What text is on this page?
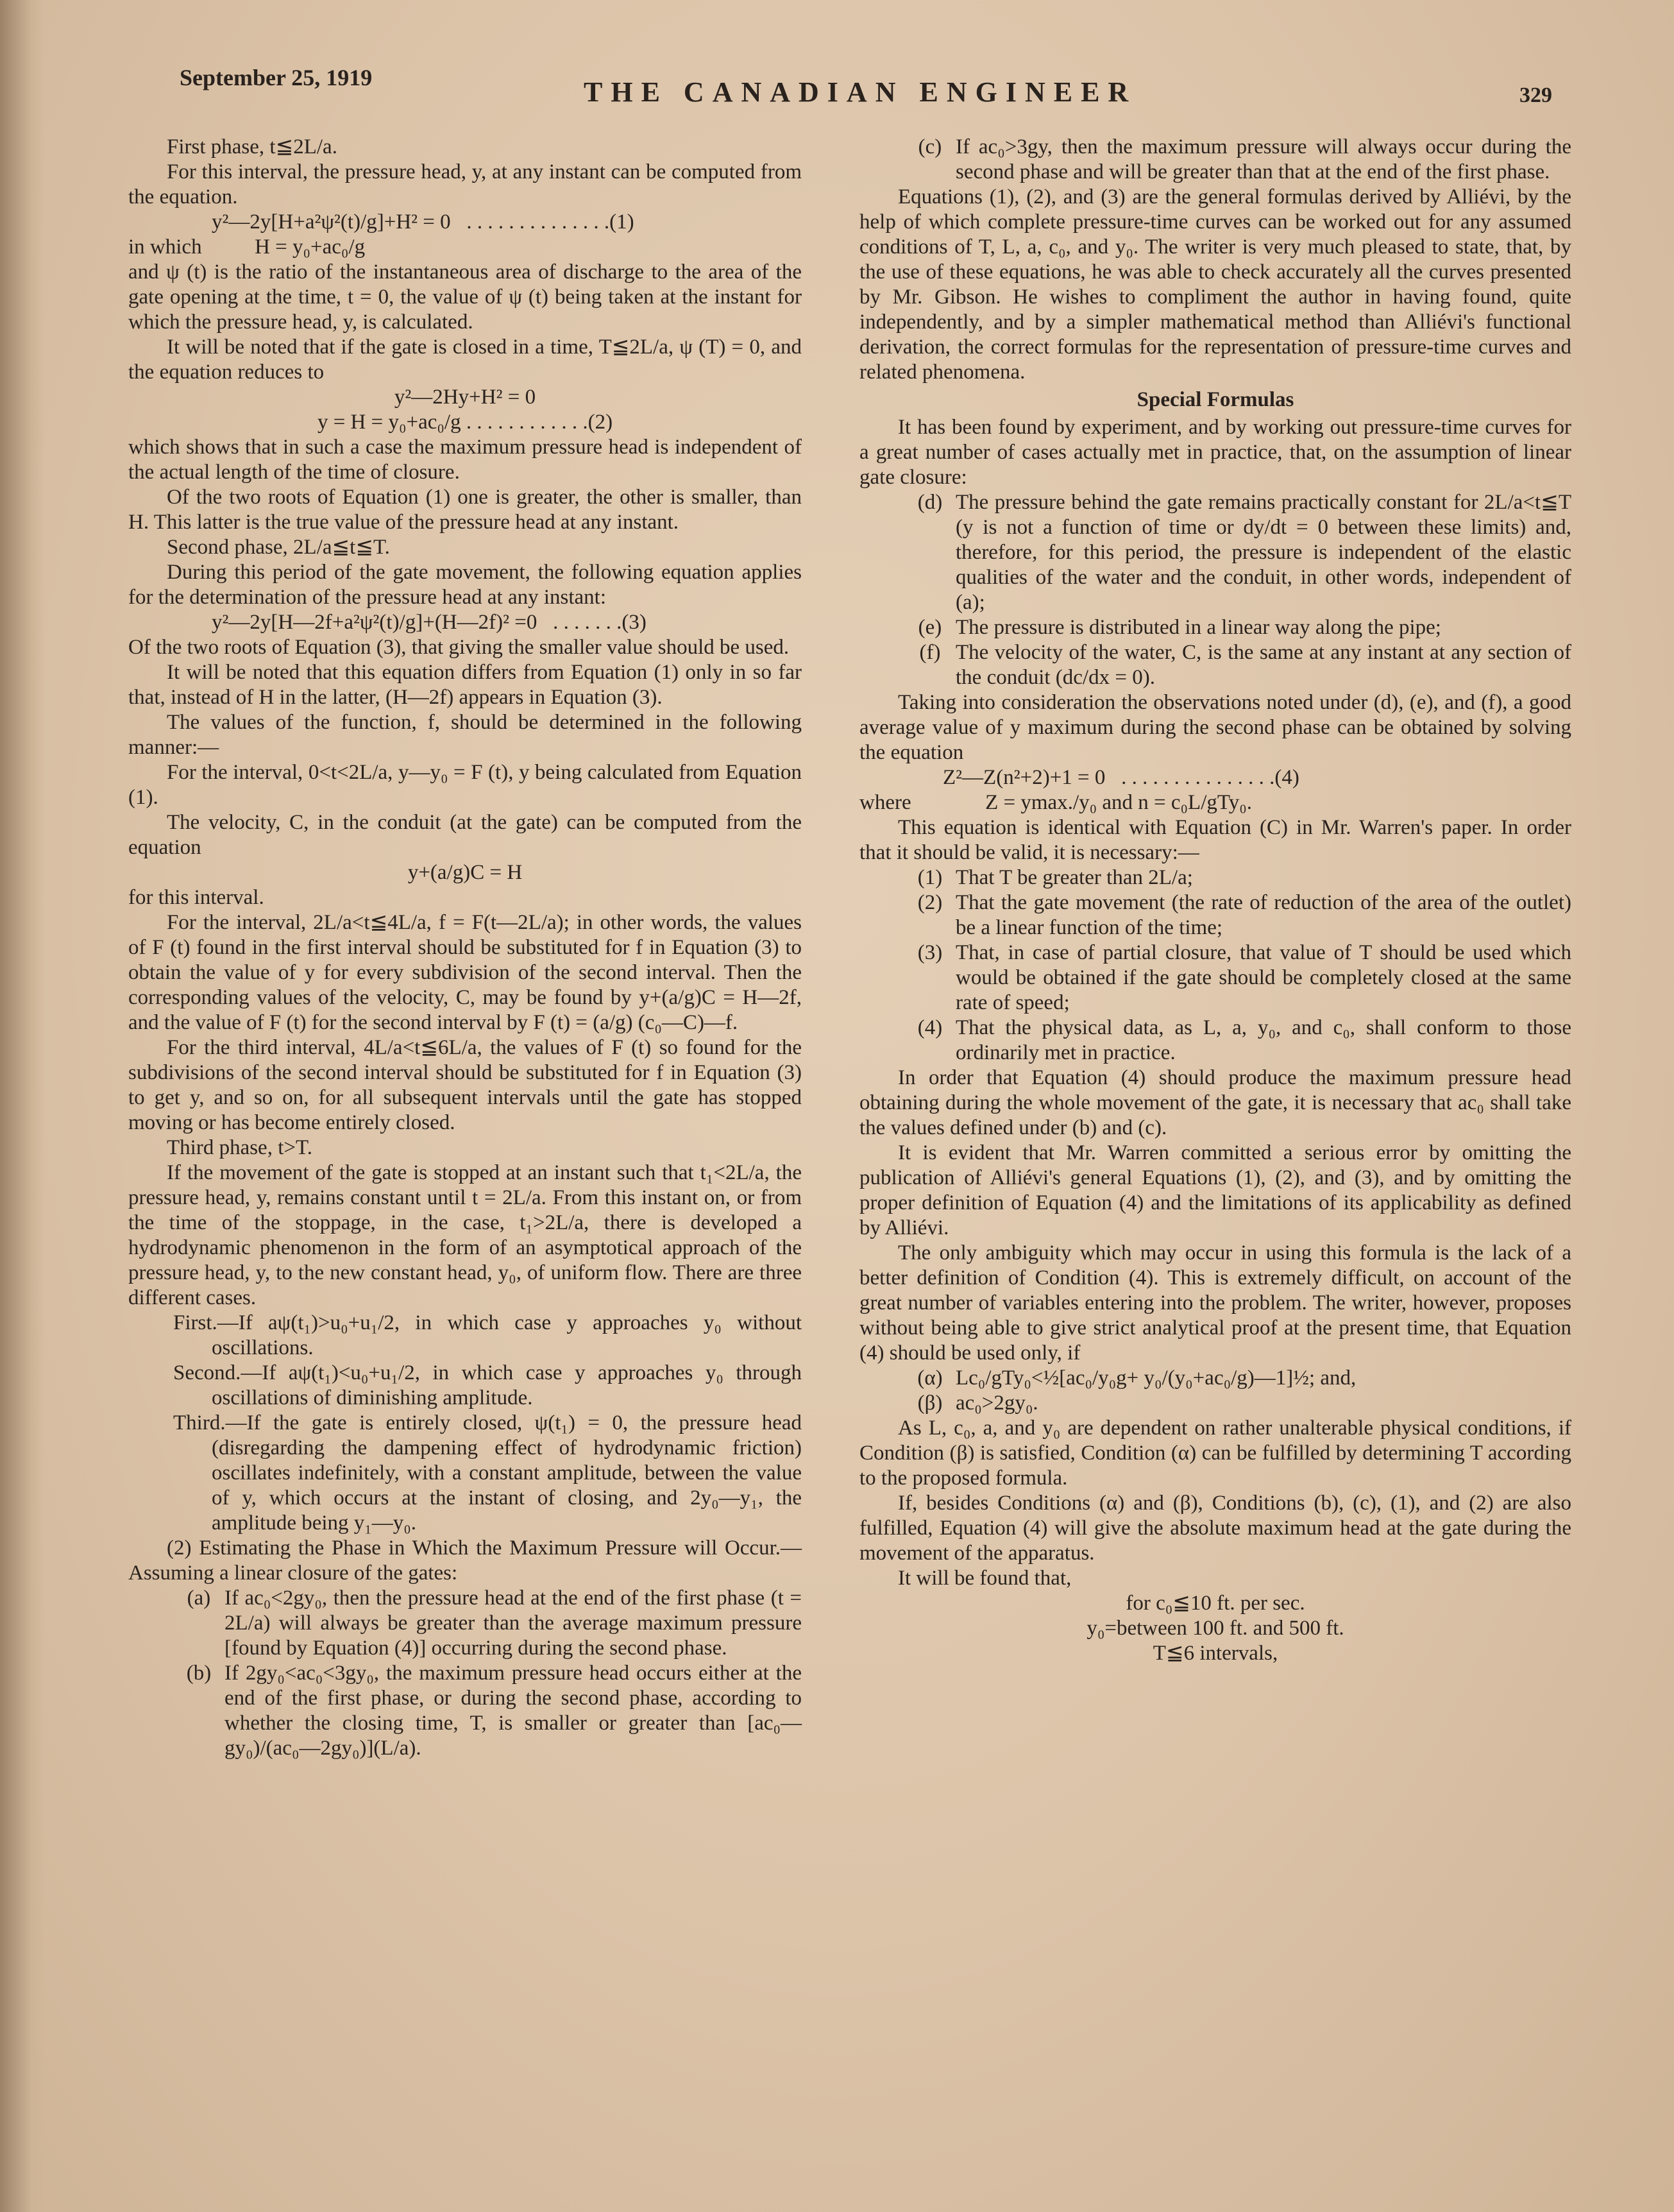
September 25, 1919	THE CANADIAN ENGINEER	329

First phase, t≦2L/a.

For this interval, the pressure head, y, at any instant can be computed from the equation.

y²—2y[H+a²ψ²(t)/g]+H² = 0   . . . . . . . . . . . . . .(1)

in which          H = y₀+ac₀/g

and ψ (t) is the ratio of the instantaneous area of discharge to the area of the gate opening at the time, t = 0, the value of ψ (t) being taken at the instant for which the pressure head, y, is calculated.

It will be noted that if the gate is closed in a time, T≦2L/a, ψ (T) = 0, and the equation reduces to

y²—2Hy+H² = 0

y = H = y₀+ac₀/g . . . . . . . . . . . .(2)

which shows that in such a case the maximum pressure head is independent of the actual length of the time of closure.

Of the two roots of Equation (1) one is greater, the other is smaller, than H. This latter is the true value of the pressure head at any instant.

Second phase, 2L/a≦t≦T.

During this period of the gate movement, the following equation applies for the determination of the pressure head at any instant:

y²—2y[H—2f+a²ψ²(t)/g]+(H—2f)² =0   . . . . . . .(3)

Of the two roots of Equation (3), that giving the smaller value should be used.

It will be noted that this equation differs from Equation (1) only in so far that, instead of H in the latter, (H—2f) appears in Equation (3).

The values of the function, f, should be determined in the following manner:—

For the interval, 0<t<2L/a, y—y₀ = F (t), y being calculated from Equation (1).

The velocity, C, in the conduit (at the gate) can be computed from the equation

y+(a/g)C = H

for this interval.

For the interval, 2L/a<t≦4L/a, f = F(t—2L/a); in other words, the values of F (t) found in the first interval should be substituted for f in Equation (3) to obtain the value of y for every subdivision of the second interval. Then the corresponding values of the velocity, C, may be found by y+(a/g)C = H—2f, and the value of F (t) for the second interval by F (t) = (a/g) (c₀—C)—f.

For the third interval, 4L/a<t≦6L/a, the values of F (t) so found for the subdivisions of the second interval should be substituted for f in Equation (3) to get y, and so on, for all subsequent intervals until the gate has stopped moving or has become entirely closed.

Third phase, t>T.

If the movement of the gate is stopped at an instant such that t₁<2L/a, the pressure head, y, remains constant until t = 2L/a. From this instant on, or from the time of the stoppage, in the case, t₁>2L/a, there is developed a hydrodynamic phenomenon in the form of an asymptotical approach of the pressure head, y, to the new constant head, y₀, of uniform flow. There are three different cases.

First.—If aψ(t₁)>u₀+u₁/2, in which case y approaches y₀ without oscillations.

Second.—If aψ(t₁)<u₀+u₁/2, in which case y approaches y₀ through oscillations of diminishing amplitude.

Third.—If the gate is entirely closed, ψ(t₁) = 0, the pressure head (disregarding the dampening effect of hydrodynamic friction) oscillates indefinitely, with a constant amplitude, between the value of y, which occurs at the instant of closing, and 2y₀—y₁, the amplitude being y₁—y₀.

(2) Estimating the Phase in Which the Maximum Pressure will Occur.—Assuming a linear closure of the gates:

(a) If ac₀<2gy₀, then the pressure head at the end of the first phase (t = 2L/a) will always be greater than the average maximum pressure [found by Equation (4)] occurring during the second phase.
(b) If 2gy₀<ac₀<3gy₀, the maximum pressure head occurs either at the end of the first phase, or during the second phase, according to whether the closing time, T, is smaller or greater than [ac₀—gy₀)/(ac₀—2gy₀)](L/a).
(c) If ac₀>3gy, then the maximum pressure will always occur during the second phase and will be greater than that at the end of the first phase.

Equations (1), (2), and (3) are the general formulas derived by Alliévi, by the help of which complete pressure-time curves can be worked out for any assumed conditions of T, L, a, c₀, and y₀. The writer is very much pleased to state, that, by the use of these equations, he was able to check accurately all the curves presented by Mr. Gibson. He wishes to compliment the author in having found, quite independently, and by a simpler mathematical method than Alliévi's functional derivation, the correct formulas for the representation of pressure-time curves and related phenomena.

Special Formulas

It has been found by experiment, and by working out pressure-time curves for a great number of cases actually met in practice, that, on the assumption of linear gate closure:

(d) The pressure behind the gate remains practically constant for 2L/a<t≦T (y is not a function of time or dy/dt = 0 between these limits) and, therefore, for this period, the pressure is independent of the elastic qualities of the water and the conduit, in other words, independent of (a);
(e) The pressure is distributed in a linear way along the pipe;
(f) The velocity of the water, C, is the same at any instant at any section of the conduit (dc/dx = 0).

Taking into consideration the observations noted under (d), (e), and (f), a good average value of y maximum during the second phase can be obtained by solving the equation

Z²—Z(n²+2)+1 = 0   . . . . . . . . . . . . . . .(4)

where              Z = ymax./y₀ and n = c₀L/gTy₀.

This equation is identical with Equation (C) in Mr. Warren's paper. In order that it should be valid, it is necessary:—

(1) That T be greater than 2L/a;
(2) That the gate movement (the rate of reduction of the area of the outlet) be a linear function of the time;
(3) That, in case of partial closure, that value of T should be used which would be obtained if the gate should be completely closed at the same rate of speed;
(4) That the physical data, as L, a, y₀, and c₀, shall conform to those ordinarily met in practice.

In order that Equation (4) should produce the maximum pressure head obtaining during the whole movement of the gate, it is necessary that ac₀ shall take the values defined under (b) and (c).

It is evident that Mr. Warren committed a serious error by omitting the publication of Alliévi's general Equations (1), (2), and (3), and by omitting the proper definition of Equation (4) and the limitations of its applicability as defined by Alliévi.

The only ambiguity which may occur in using this formula is the lack of a better definition of Condition (4). This is extremely difficult, on account of the great number of variables entering into the problem. The writer, however, proposes without being able to give strict analytical proof at the present time, that Equation (4) should be used only, if

(α) Lc₀/gTy₀<½[ac₀/y₀g+ y₀/(y₀+ac₀/g)—1]½; and,
(β) ac₀>2gy₀.

As L, c₀, a, and y₀ are dependent on rather unalterable physical conditions, if Condition (β) is satisfied, Condition (α) can be fulfilled by determining T according to the proposed formula.

If, besides Conditions (α) and (β), Conditions (b), (c), (1), and (2) are also fulfilled, Equation (4) will give the absolute maximum head at the gate during the movement of the apparatus.

It will be found that,

for c₀≦10 ft. per sec.

y₀=between 100 ft. and 500 ft.

T≦6 intervals,
